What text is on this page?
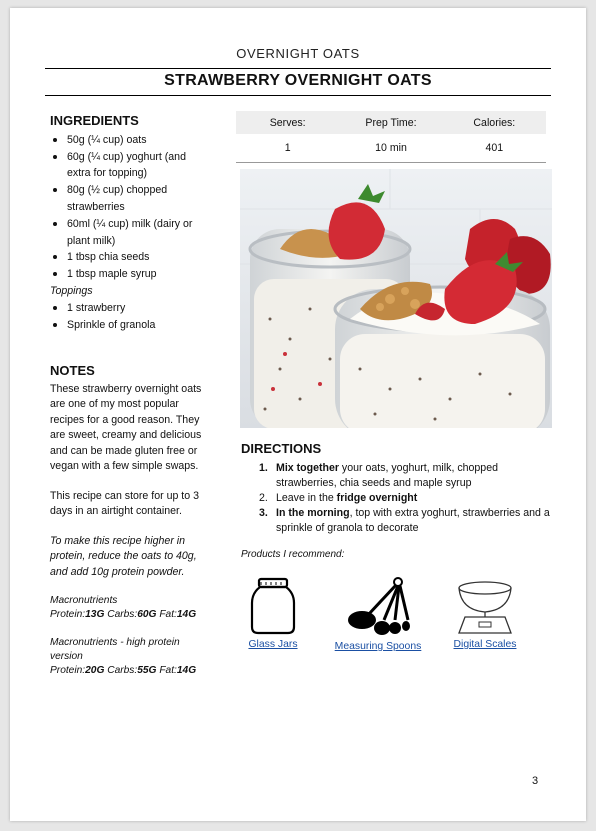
OVERNIGHT OATS
STRAWBERRY OVERNIGHT OATS
INGREDIENTS
50g (¼ cup) oats
60g (¼ cup) yoghurt (and extra for topping)
80g (½ cup) chopped strawberries
60ml (¼ cup) milk (dairy or plant milk)
1 tbsp chia seeds
1 tbsp maple syrup
Toppings
1 strawberry
Sprinkle of granola
NOTES

These strawberry overnight oats are one of my most popular recipes for a good reason. They are sweet, creamy and delicious and can be made gluten free or vegan with a few simple swaps.

This recipe can store for up to 3 days in an airtight container.

To make this recipe higher in protein, reduce the oats to 40g, and add 10g protein powder.

Macronutrients
Protein:13G Carbs:60G Fat:14G
Macronutrients - high protein version
Protein:20G Carbs:55G Fat:14G
Serves:	Prep Time:	Calories:
1	10 min	401
DIRECTIONS
1. Mix together your oats, yoghurt, milk, chopped strawberries, chia seeds and maple syrup
2. Leave in the fridge overnight
3. In the morning, top with extra yoghurt, strawberries and a sprinkle of granola to decorate
Products I recommend:
Glass Jars	Measuring Spoons	Digital Scales
3
